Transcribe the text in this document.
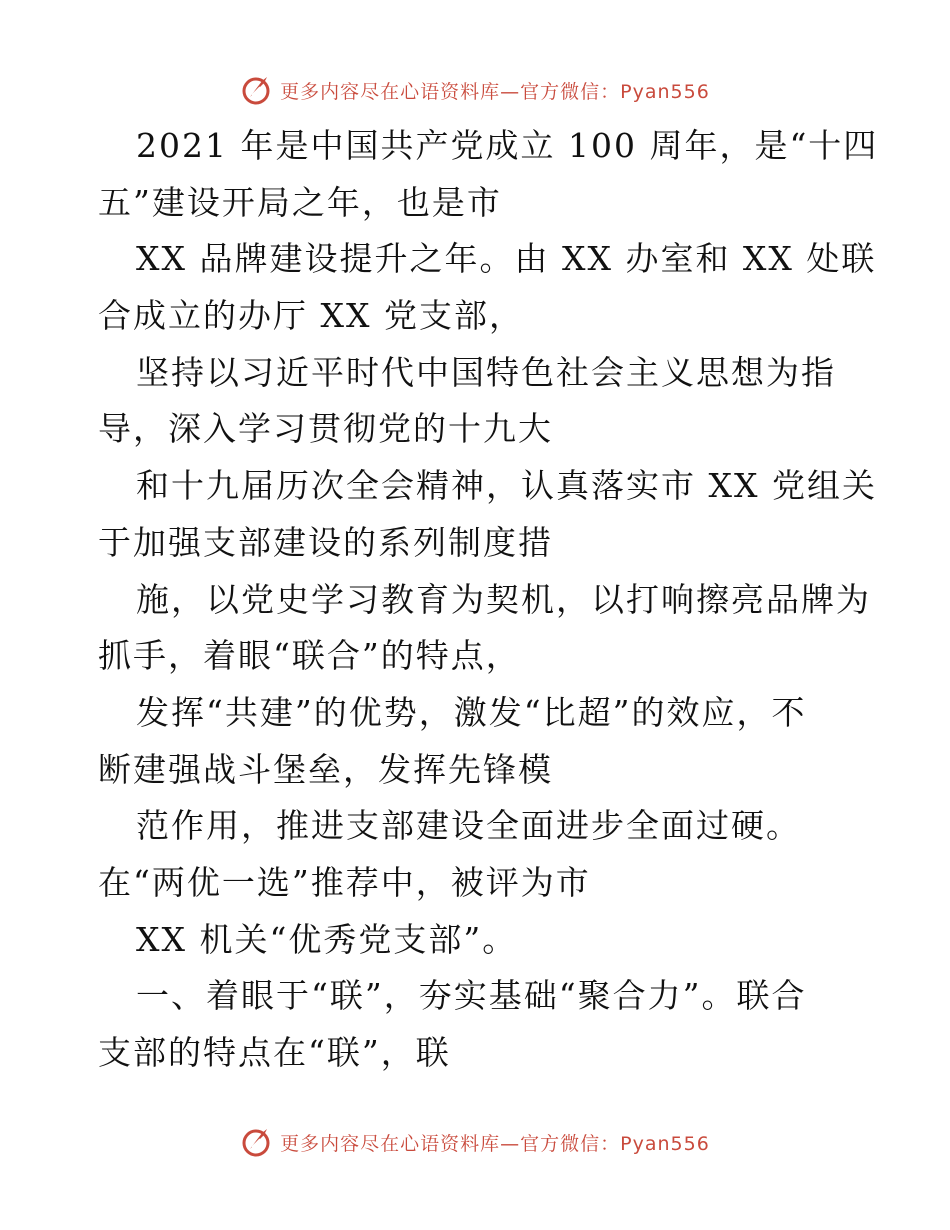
更多内容尽在心语资料库—官方微信：Pyan556
2021 年是中国共产党成立 100 周年，是“十四
五”建设开局之年，也是市
XX 品牌建设提升之年。由 XX 办室和 XX 处联
合成立的办厅 XX 党支部，
坚持以习近平时代中国特色社会主义思想为指
导，深入学习贯彻党的十九大
和十九届历次全会精神，认真落实市 XX 党组关
于加强支部建设的系列制度措
施，以党史学习教育为契机，以打响擦亮品牌为
抓手，着眼“联合”的特点，
发挥“共建”的优势，激发“比超”的效应，不
断建强战斗堡垒，发挥先锋模
范作用，推进支部建设全面进步全面过硬。
在“两优一选”推荐中，被评为市
XX 机关“优秀党支部”。
一、着眼于“联”，夯实基础“聚合力”。联合
支部的特点在“联”，联
更多内容尽在心语资料库—官方微信：Pyan556
